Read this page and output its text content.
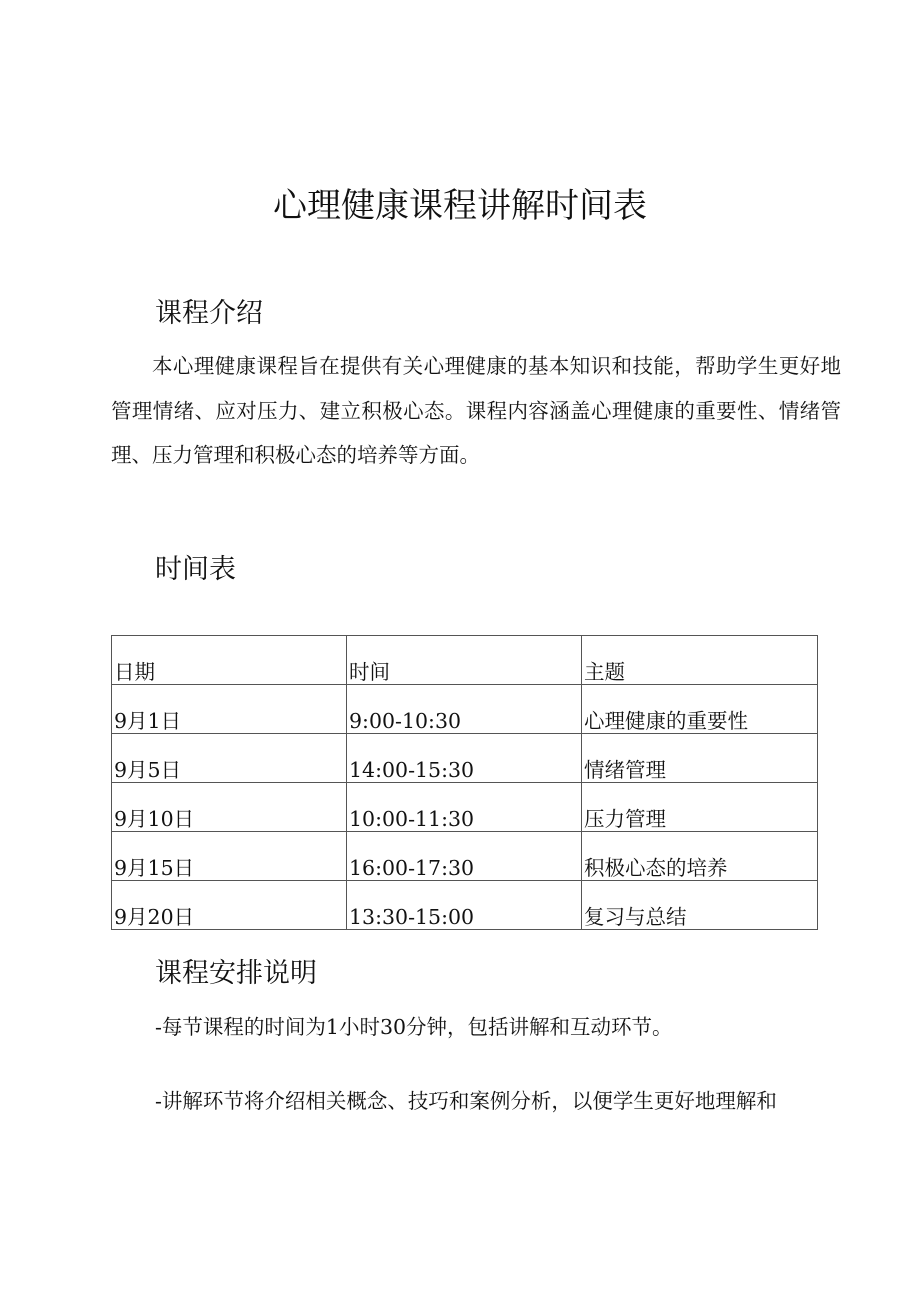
心理健康课程讲解时间表
课程介绍

本心理健康课程旨在提供有关心理健康的基本知识和技能，帮助学生更好地管理情绪、应对压力、建立积极心态。课程内容涵盖心理健康的重要性、情绪管理、压力管理和积极心态的培养等方面。

时间表
日期	时间	主题
9月1日	9:00-10:30	心理健康的重要性
9月5日	14:00-15:30	情绪管理
9月10日	10:00-11:30	压力管理
9月15日	16:00-17:30	积极心态的培养
9月20日	13:30-15:00	复习与总结
课程安排说明

-每节课程的时间为1小时30分钟，包括讲解和互动环节。

-讲解环节将介绍相关概念、技巧和案例分析，以便学生更好地理解和
